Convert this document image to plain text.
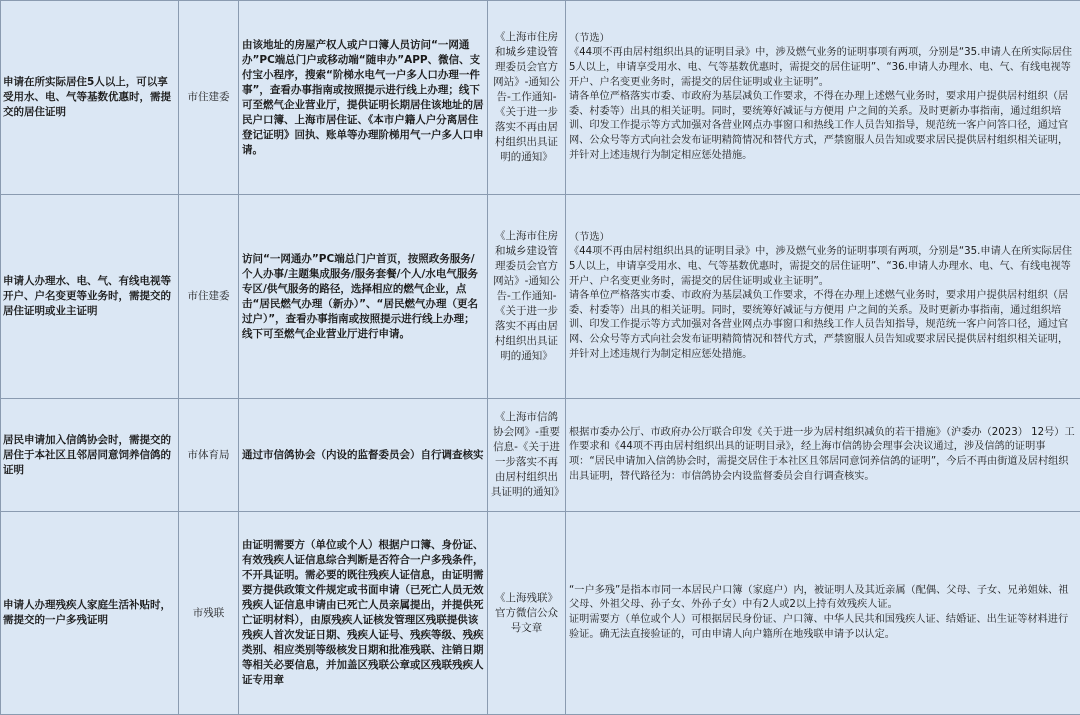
申请在所实际居住5人以上，可以享受用水、电、气等基数优惠时，需提交的居住证明	市住建委	由该地址的房屋产权人或户口簿人员访问“一网通办”PC端总门户或移动端“随申办”APP、微信、支付宝小程序，搜索“阶梯水电气一户多人口办理一件事”，查看办事指南或按照提示进行线上办理；线下可至燃气企业营业厅，提供证明长期居住该地址的居民户口簿、上海市居住证、《本市户籍人户分离居住登记证明》回执、账单等办理阶梯用气一户多人口申请。	《上海市住房和城乡建设管理委员会官方网站》-通知公告-工作通知-《关于进一步落实不再由居村组织出具证明的通知》	（节选）
《44项不再由居村组织出具的证明目录》中，涉及燃气业务的证明事项有两项，分别是“35.申请人在所实际居住5人以上，申请享受用水、电、气等基数优惠时，需提交的居住证明”、“36.申请人办理水、电、气、有线电视等开户、户名变更业务时，需提交的居住证明或业主证明”。
请各单位严格落实市委、市政府为基层减负工作要求，不得在办理上述燃气业务时，要求用户提供居村组织（居委、村委等）出具的相关证明。同时，要统筹好减证与方便用 户之间的关系。及时更新办事指南，通过组织培训、印发工作提示等方式加强对各营业网点办事窗口和热线工作人员告知指导，规范统一客户问答口径，通过官网、公众号等方式向社会发布证明精简情况和替代方式，严禁窗服人员告知或要求居民提供居村组织相关证明，并针对上述违规行为制定相应惩处措施。

申请人办理水、电、气、有线电视等开户、户名变更等业务时，需提交的居住证明或业主证明	市住建委	访问“一网通办”PC端总门户首页，按照政务服务/个人办事/主题集成服务/服务套餐/个人/水电气服务专区/供气服务的路径，选择相应的燃气企业，点击“居民燃气办理（新办）”、“居民燃气办理（更名过户）”，查看办事指南或按照提示进行线上办理；线下可至燃气企业营业厅进行申请。	《上海市住房和城乡建设管理委员会官方网站》-通知公告-工作通知-《关于进一步落实不再由居村组织出具证明的通知》	（节选）
《44项不再由居村组织出具的证明目录》中，涉及燃气业务的证明事项有两项，分别是“35.申请人在所实际居住5人以上，申请享受用水、电、气等基数优惠时，需提交的居住证明”、“36.申请人办理水、电、气、有线电视等开户、户名变更业务时，需提交的居住证明或业主证明”。
请各单位严格落实市委、市政府为基层减负工作要求，不得在办理上述燃气业务时，要求用户提供居村组织（居委、村委等）出具的相关证明。同时，要统筹好减证与方便用 户之间的关系。及时更新办事指南，通过组织培训、印发工作提示等方式加强对各营业网点办事窗口和热线工作人员告知指导，规范统一客户问答口径，通过官网、公众号等方式向社会发布证明精简情况和替代方式，严禁窗服人员告知或要求居民提供居村组织相关证明，并针对上述违规行为制定相应惩处措施。

居民申请加入信鸽协会时，需提交的居住于本社区且邻居同意饲养信鸽的证明	市体育局	通过市信鸽协会（内设的监督委员会）自行调查核实	《上海市信鸽协会网》-重要信息-《关于进一步落实不再由居村组织出具证明的通知》	根据市委办公厅、市政府办公厅联合印发《关于进一步为居村组织减负的若干措施》（沪委办（2023） 12号）工作要求和《44项不再由居村组织出具的证明目录》，经上海市信鸽协会理事会决议通过，涉及信鸽的证明事项：“居民申请加入信鸽协会时，需提交居住于本社区且邻居同意饲养信鸽的证明”，今后不再由街道及居村组织出具证明，替代路径为：市信鸽协会内设监督委员会自行调查核实。

申请人办理残疾人家庭生活补贴时，需提交的一户多残证明	市残联	由证明需要方（单位或个人）根据户口簿、身份证、有效残疾人证信息综合判断是否符合一户多残条件，不开具证明。需必要的既往残疾人证信息，由证明需要方提供政策文件规定或书面申请（已死亡人员无效残疾人证信息申请由已死亡人员亲属提出，并提供死亡证明材料），由原残疾人证核发管理区残联提供该残疾人首次发证日期、残疾人证号、残疾等级、残疾类别、相应类别等级核发日期和批准残联、注销日期等相关必要信息，并加盖区残联公章或区残联残疾人证专用章	《上海残联》官方微信公众号文章	“一户多残”是指本市同一本居民户口簿（家庭户）内，被证明人及其近亲属（配偶、父母、子女、兄弟姐妹、祖父母、外祖父母、孙子女、外孙子女）中有2人或2以上持有效残疾人证。
证明需要方（单位或个人）可根据居民身份证、户口簿、中华人民共和国残疾人证、结婚证、出生证等材料进行验证。确无法直接验证的，可由申请人向户籍所在地残联申请予以认定。
